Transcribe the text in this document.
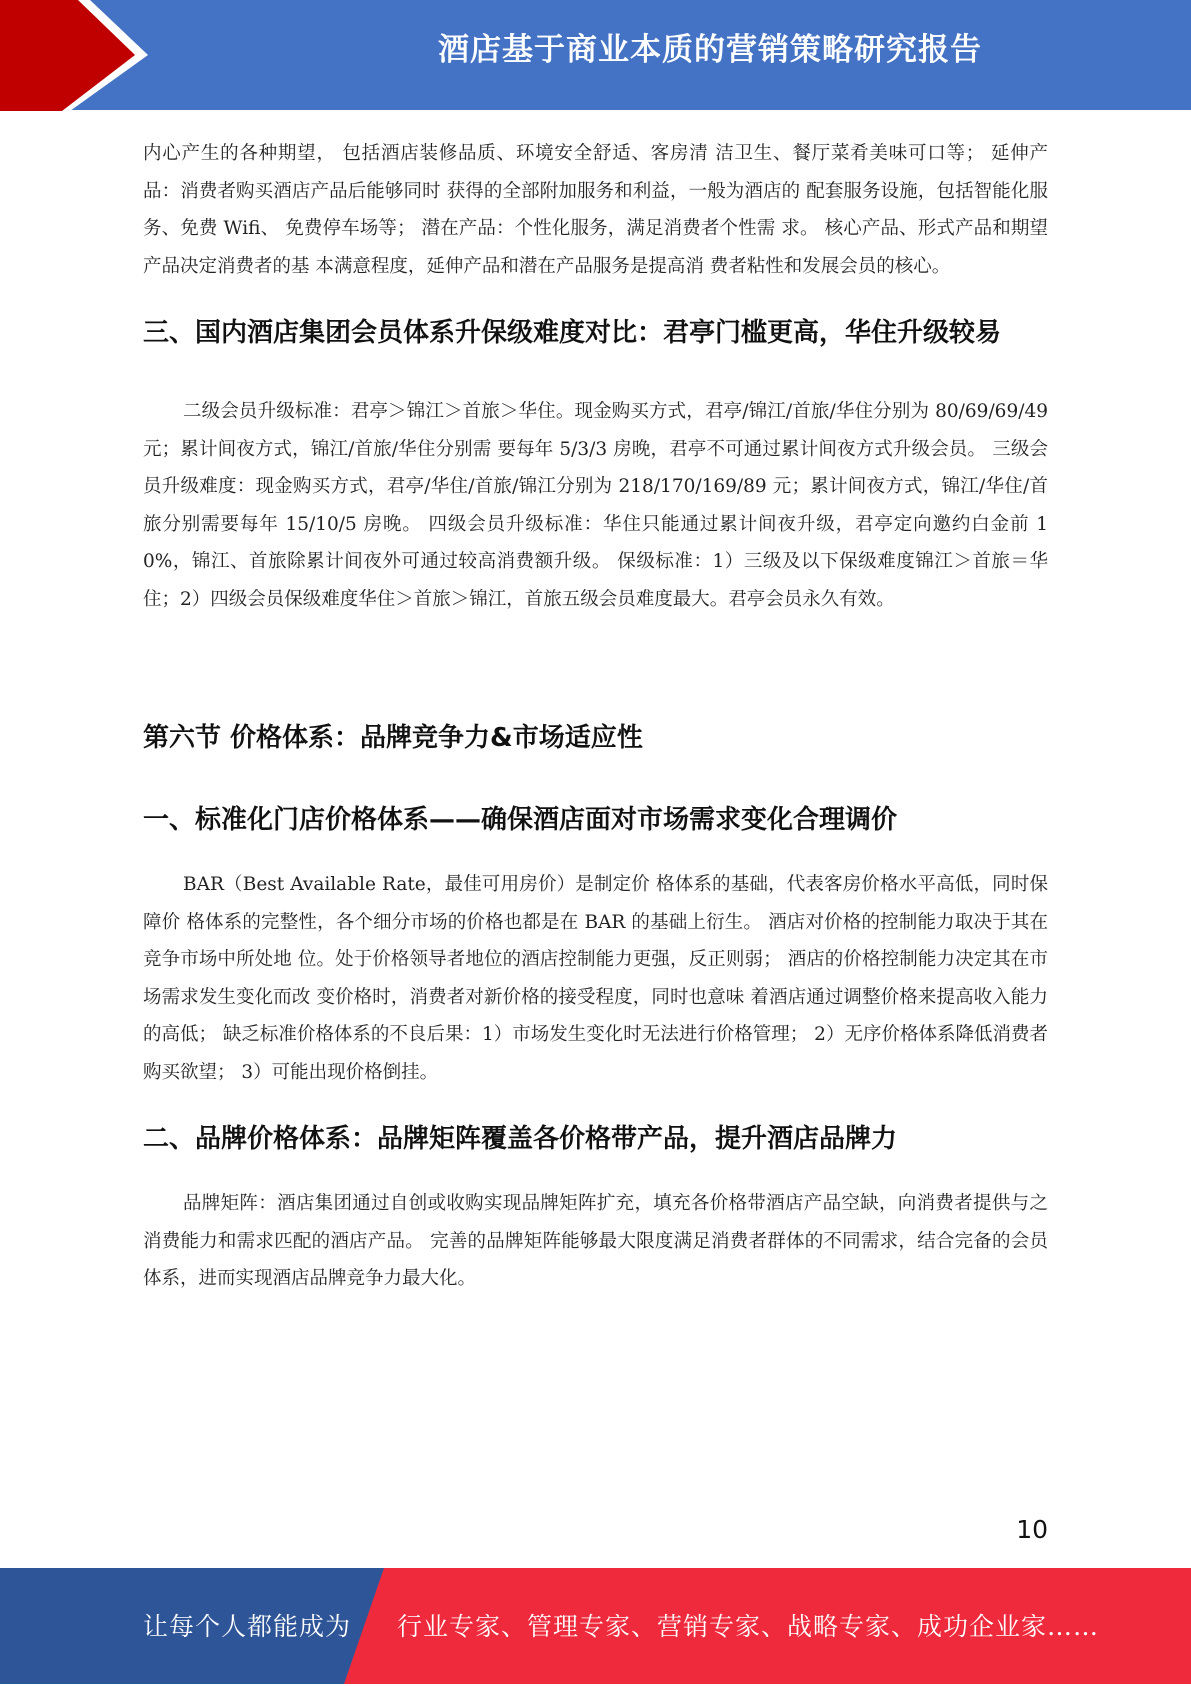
酒店基于商业本质的营销策略研究报告

内心产生的各种期望， 包括酒店装修品质、环境安全舒适、客房清 洁卫生、餐厅菜肴美味可口等； 延伸产品：消费者购买酒店产品后能够同时 获得的全部附加服务和利益，一般为酒店的 配套服务设施，包括智能化服务、免费 Wifi、 免费停车场等； 潜在产品：个性化服务，满足消费者个性需 求。 核心产品、形式产品和期望产品决定消费者的基 本满意程度，延伸产品和潜在产品服务是提高消 费者粘性和发展会员的核心。

三、国内酒店集团会员体系升保级难度对比：君亭门槛更高，华住升级较易

二级会员升级标准：君亭＞锦江＞首旅＞华住。现金购买方式，君亭/锦江/首旅/华住分别为 80/69/69/49 元；累计间夜方式，锦江/首旅/华住分别需 要每年 5/3/3 房晚，君亭不可通过累计间夜方式升级会员。 三级会员升级难度：现金购买方式，君亭/华住/首旅/锦江分别为 218/170/169/89 元；累计间夜方式，锦江/华住/首旅分别需要每年 15/10/5 房晚。 四级会员升级标准：华住只能通过累计间夜升级，君亭定向邀约白金前 10%，锦江、首旅除累计间夜外可通过较高消费额升级。 保级标准：1）三级及以下保级难度锦江＞首旅＝华住；2）四级会员保级难度华住＞首旅＞锦江，首旅五级会员难度最大。君亭会员永久有效。

第六节 价格体系：品牌竞争力&市场适应性
一、标准化门店价格体系——确保酒店面对市场需求变化合理调价

BAR（Best Available Rate，最佳可用房价）是制定价 格体系的基础，代表客房价格水平高低，同时保障价 格体系的完整性，各个细分市场的价格也都是在 BAR 的基础上衍生。 酒店对价格的控制能力取决于其在竞争市场中所处地 位。处于价格领导者地位的酒店控制能力更强，反正则弱； 酒店的价格控制能力决定其在市场需求发生变化而改 变价格时，消费者对新价格的接受程度，同时也意味 着酒店通过调整价格来提高收入能力的高低； 缺乏标准价格体系的不良后果：1）市场发生变化时无法进行价格管理； 2）无序价格体系降低消费者购买欲望； 3）可能出现价格倒挂。

二、品牌价格体系：品牌矩阵覆盖各价格带产品，提升酒店品牌力

品牌矩阵：酒店集团通过自创或收购实现品牌矩阵扩充，填充各价格带酒店产品空缺，向消费者提供与之消费能力和需求匹配的酒店产品。 完善的品牌矩阵能够最大限度满足消费者群体的不同需求，结合完备的会员体系，进而实现酒店品牌竞争力最大化。

10
让每个人都能成为 行业专家、管理专家、营销专家、战略专家、成功企业家……
